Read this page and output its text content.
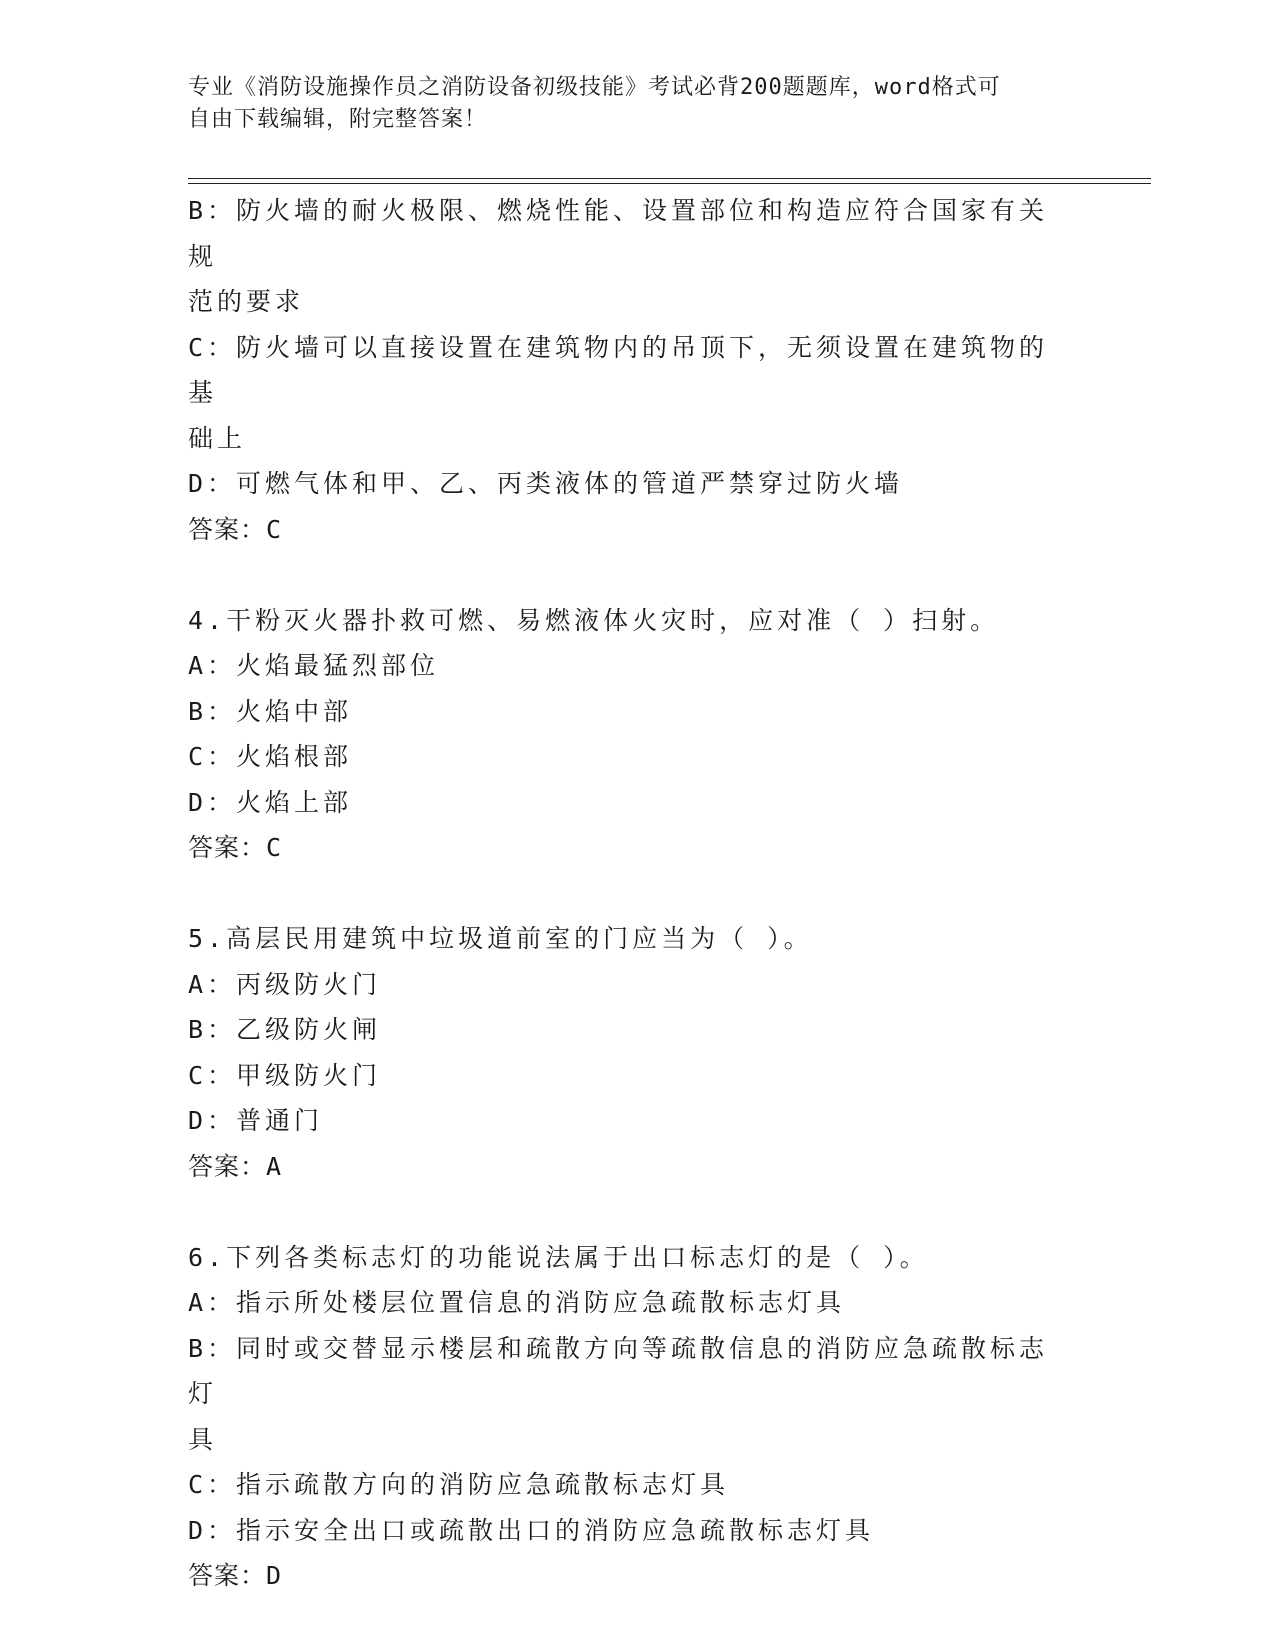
专业《消防设施操作员之消防设备初级技能》考试必背200题题库，word格式可
自由下载编辑，附完整答案！

B：防火墙的耐火极限、燃烧性能、设置部位和构造应符合国家有关规

范的要求

C：防火墙可以直接设置在建筑物内的吊顶下，无须设置在建筑物的基

础上

D：可燃气体和甲、乙、丙类液体的管道严禁穿过防火墙

答案：C

4.干粉灭火器扑救可燃、易燃液体火灾时，应对准（ ）扫射。

A：火焰最猛烈部位

B：火焰中部

C：火焰根部

D：火焰上部

答案：C

5.高层民用建筑中垃圾道前室的门应当为（ ）。

A：丙级防火门

B：乙级防火闸

C：甲级防火门

D：普通门

答案：A

6.下列各类标志灯的功能说法属于出口标志灯的是（ ）。

A：指示所处楼层位置信息的消防应急疏散标志灯具

B：同时或交替显示楼层和疏散方向等疏散信息的消防应急疏散标志灯

具

C：指示疏散方向的消防应急疏散标志灯具

D：指示安全出口或疏散出口的消防应急疏散标志灯具

答案：D
